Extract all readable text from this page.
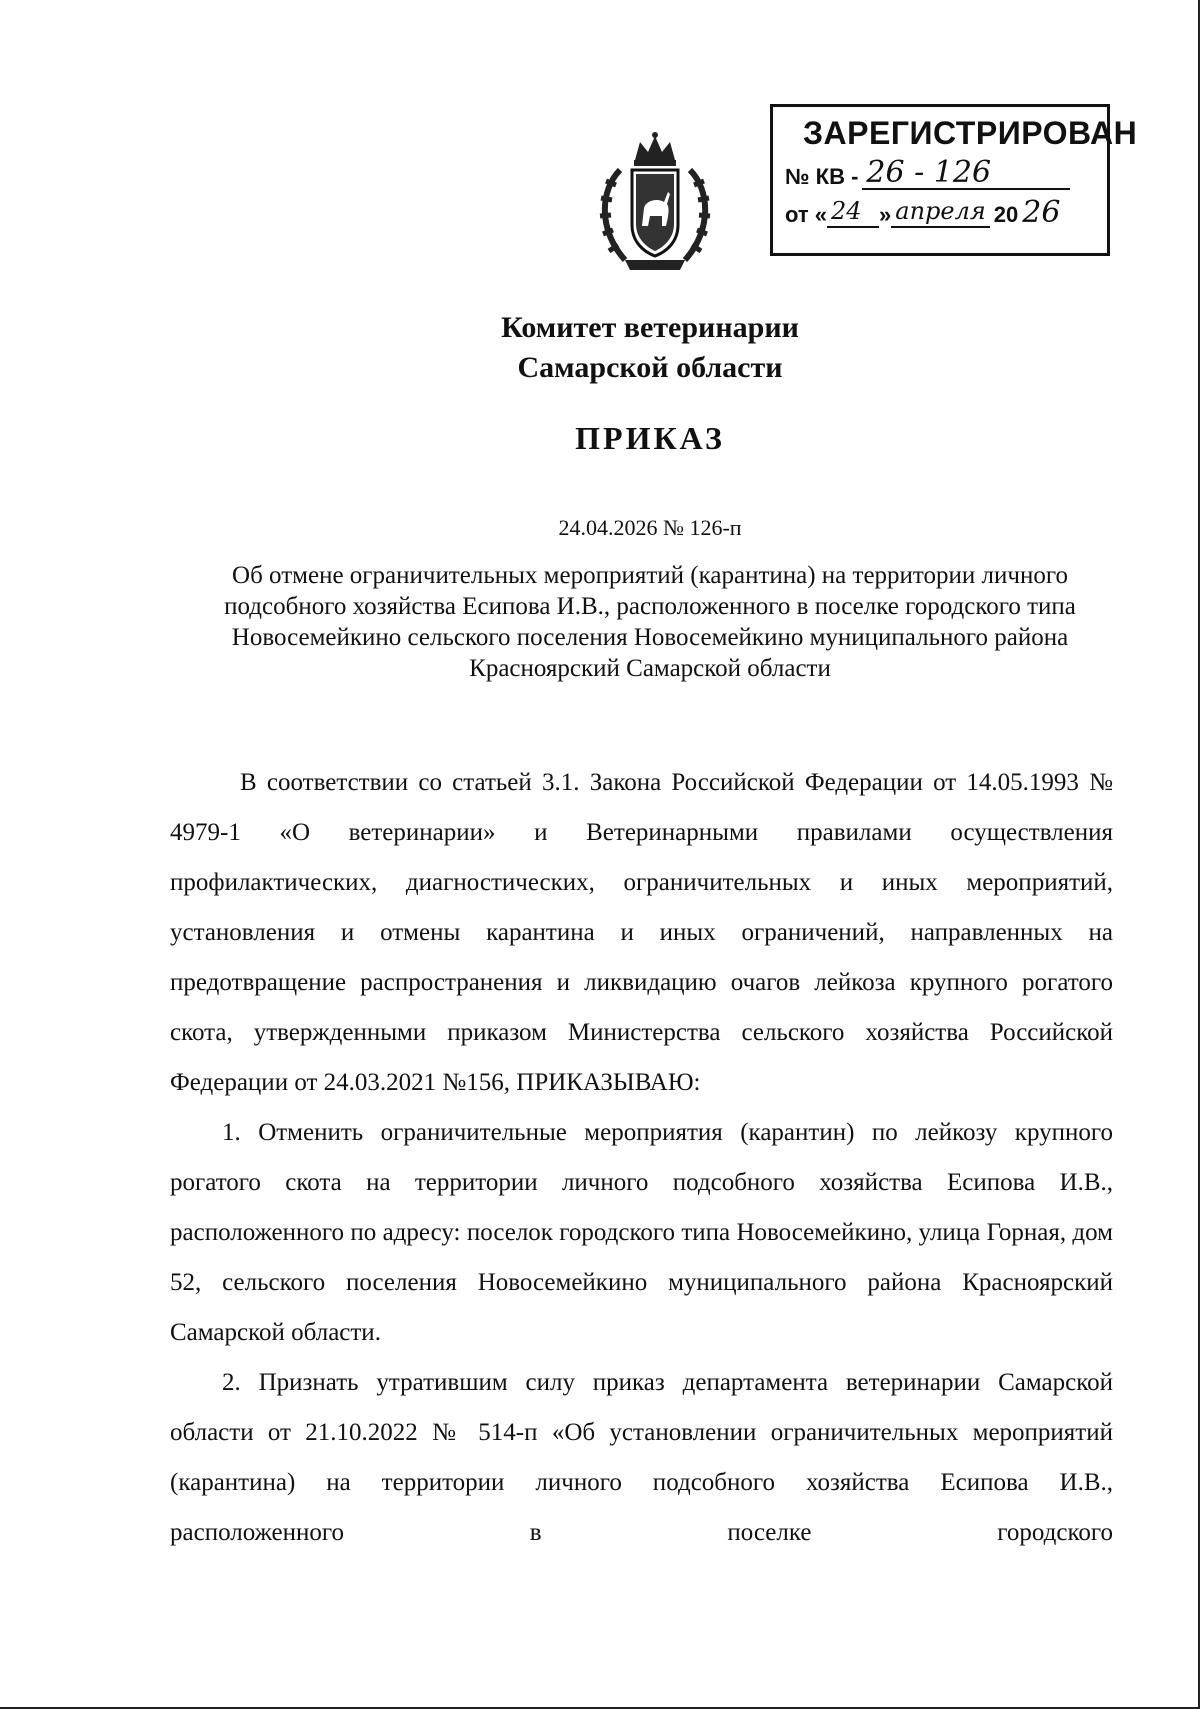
ЗАРЕГИСТРИРОВАН
№ КВ - 26 - 126
от « 24 » апреля 20 26
Комитет ветеринарии
Самарской области
ПРИКАЗ
24.04.2026 № 126-п
Об отмене ограничительных мероприятий (карантина) на территории личного подсобного хозяйства Есипова И.В., расположенного в поселке городского типа Новосемейкино сельского поселения Новосемейкино муниципального района Красноярский Самарской области

В соответствии со статьей 3.1. Закона Российской Федерации от 14.05.1993 № 4979-1 «О ветеринарии» и Ветеринарными правилами осуществления профилактических, диагностических, ограничительных и иных мероприятий, установления и отмены карантина и иных ограничений, направленных на предотвращение распространения и ликвидацию очагов лейкоза крупного рогатого скота, утвержденными приказом Министерства сельского хозяйства Российской Федерации от 24.03.2021 №156, ПРИКАЗЫВАЮ:

1. Отменить ограничительные мероприятия (карантин) по лейкозу крупного рогатого скота на территории личного подсобного хозяйства Есипова И.В., расположенного по адресу: поселок городского типа Новосемейкино, улица Горная, дом 52, сельского поселения Новосемейкино муниципального района Красноярский Самарской области.

2. Признать утратившим силу приказ департамента ветеринарии Самарской области от 21.10.2022 № 514-п «Об установлении ограничительных мероприятий (карантина) на территории личного подсобного хозяйства Есипова И.В., расположенного в поселке городского
